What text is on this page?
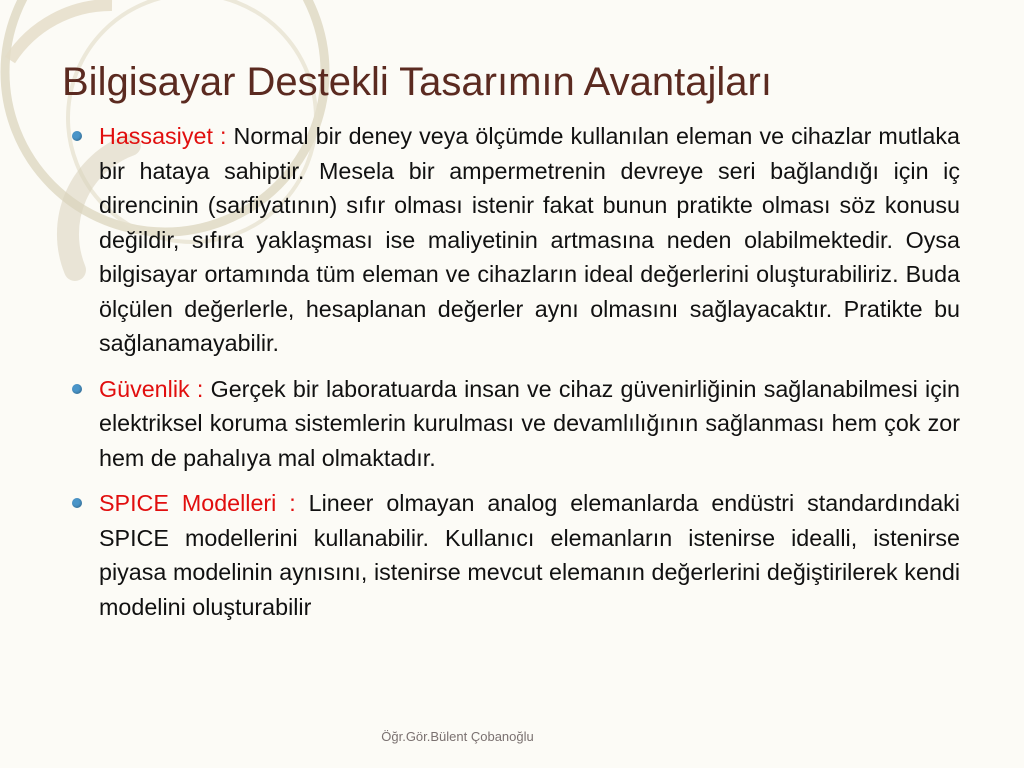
Bilgisayar Destekli Tasarımın Avantajları
Hassasiyet : Normal bir deney veya ölçümde kullanılan eleman ve cihazlar mutlaka bir hataya sahiptir. Mesela bir ampermetrenin devreye seri bağlandığı için iç direncinin (sarfiyatının) sıfır olması istenir fakat bunun pratikte olması söz konusu değildir, sıfıra yaklaşması ise maliyetinin artmasına neden olabilmektedir. Oysa bilgisayar ortamında tüm eleman ve cihazların ideal değerlerini oluşturabiliriz. Buda ölçülen değerlerle, hesaplanan değerler aynı olmasını sağlayacaktır. Pratikte bu sağlanamayabilir.
Güvenlik : Gerçek bir laboratuarda insan ve cihaz güvenirliğinin sağlanabilmesi için elektriksel koruma sistemlerin kurulması ve devamlılığının sağlanması hem çok zor hem de pahalıya mal olmaktadır.
SPICE Modelleri : Lineer olmayan analog elemanlarda endüstri standardındaki SPICE modellerini kullanabilir. Kullanıcı elemanların istenirse idealli, istenirse piyasa modelinin aynısını, istenirse mevcut elemanın değerlerini değiştirilerek kendi modelini oluşturabilir
Öğr.Gör.Bülent Çobanoğlu
